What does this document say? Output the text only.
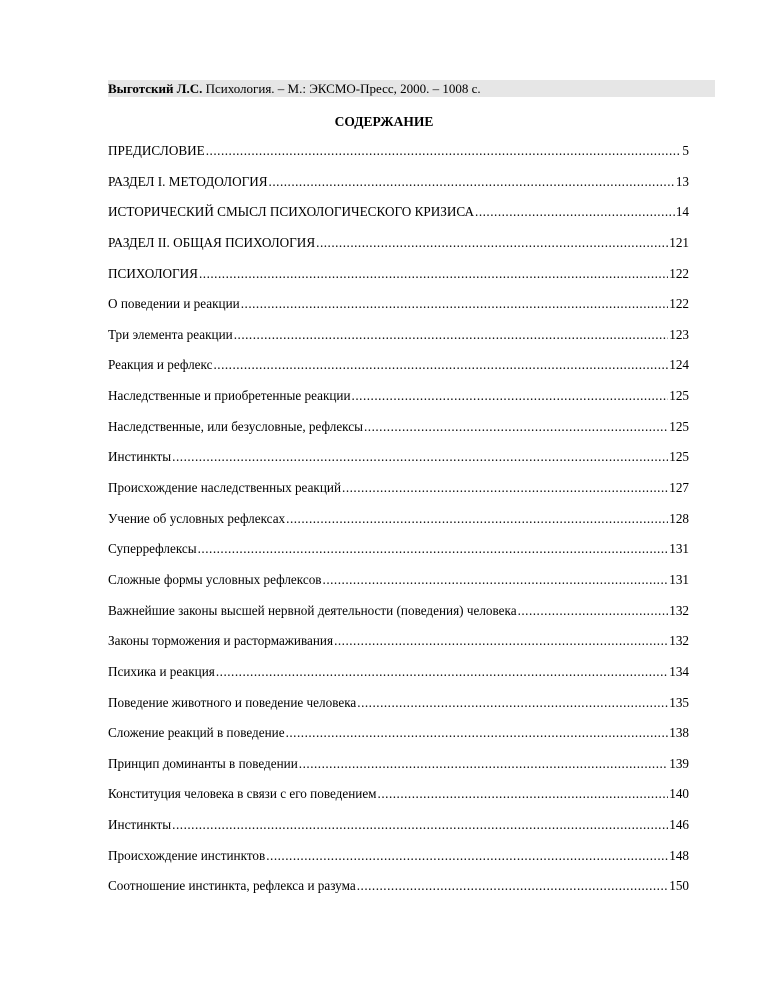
Выготский Л.С. Психология. – М.: ЭКСМО-Пресс, 2000. – 1008 с.
СОДЕРЖАНИЕ
ПРЕДИСЛОВИЕ .....	5
РАЗДЕЛ I. МЕТОДОЛОГИЯ .....	13
ИСТОРИЧЕСКИЙ СМЫСЛ ПСИХОЛОГИЧЕСКОГО КРИЗИСА .....	14
РАЗДЕЛ II. ОБЩАЯ ПСИХОЛОГИЯ .....	121
ПСИХОЛОГИЯ .....	122
О поведении и реакции .....	122
Три элемента реакции .....	123
Реакция и рефлекс .....	124
Наследственные и приобретенные реакции .....	125
Наследственные, или безусловные, рефлексы .....	125
Инстинкты .....	125
Происхождение наследственных реакций .....	127
Учение об условных рефлексах .....	128
Суперрефлексы .....	131
Сложные формы условных рефлексов .....	131
Важнейшие законы высшей нервной деятельности (поведения) человека .....	132
Законы торможения и растормаживания .....	132
Психика и реакция .....	134
Поведение животного и поведение человека .....	135
Сложение реакций в поведение .....	138
Принцип доминанты в поведении .....	139
Конституция человека в связи с его поведением .....	140
Инстинкты .....	146
Происхождение инстинктов .....	148
Соотношение инстинкта, рефлекса и разума .....	150
